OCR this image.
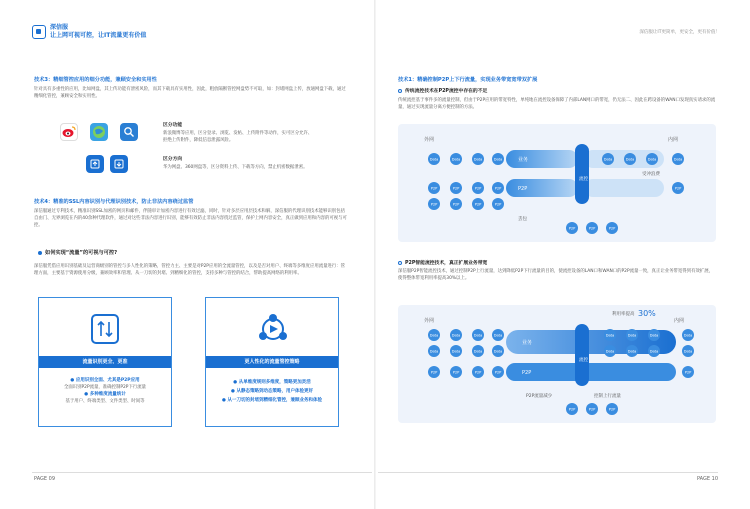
深信服
让上网可视可控，让IT流量更有价值	深信服让IT更简单，更安全，更有价值！
技术3：精细管控应用的细分功能，兼顾安全和实用性
针对具有多重性的应用，比如网盘，其上传功能有泄密风险，而其下载具有实用性，因此，粗放隔断管控网盘势不可取，如：封堵网盘上传，放通网盘下载，通过精细化管控，兼顾安全和实用性。
区分功能
新浪微博等应用，区分登录、浏览、发帖、上传附件等动作，实可区分允许、拒绝上传附件，降低信息泄露风险。
区分方向
华为网盘、360网盘等，区分资料上传、下载等方向，禁止机密数据泄密。
技术4：精准的SSL内容识别与代理识别技术，防止非法内容绕过监管
深信服通过专利技术，精准识别SSL加密的网页和邮件，伴随审计加密内容进行有效过滤，同时，针对多层应用层技术和解，深信服的代理识别技术能够识别包括自由门、无界浏览在内的40余种代理软件，通过对这些非法内容进行识别，能够有效防止非法内容绕过监管，保护上网内容安全，真正做到应用和内容的可视与可控。
如何实现“流量”的可视与可控?
深信服凭借应用识别基础及运营商级别的管控与多人性化的策略，管控力主、主要是对P2P应用的全流量管控，以及是否对用户、终端等多维度应用流量进行：管理方面，主要基于资源使用分级，兼顾效率和管理、从一刀切的封堵、到精细化的管控，支持多种与管控的结合，帮助提高网络的利用率。
流量识别更全、更准
● 应用识别全面、尤其是P2P应用
全面识别P2P流量，准确控制P2P下行流量
● 多种维度流量统计
基于用户、终端类型、文件类型、时间等
更人性化的流量管控策略
● 从单维度规则多维度，策略更加灵活
● 从静态策略到动态策略，用户体验更好
● 从一刀切的封堵到精细化管控，兼顾业务和体验
PAGE 09
技术1：精确控制P2P上下行流量，实现业务带宽宽带双扩展
传统流控技术在P2P流控中存在的不足
传统流控基于事件多的流量控制，但由于P2P应用的带宽特性，单纯地在流控设备保障了内部LAN网口的带宽，仍无法二、因此在跨设备的WAN口发现真实请求的流量，通过实现流量分离方便控制的方法。
外网	内网
业务
P2P
流控
Data	Data	Data	Data
P2P	P2P	P2P	P2P
P2P	P2P	P2P	P2P
Data	Data	Data	Data
P2P
P2P	P2P	P2P
丢包
受冲浪费
P2P智能流控技术，真正扩展业务带宽
深信服P2P智能流控技术，通过控制P2P上行流量，达到降低P2P下行流量的目的，使流控设备的LAN口和WAN口的P2P流量一致，真正让业务带宽得到有效扩展，使得整体带宽利用率提高30%以上。
外网	内网
利用率提高 30%
业务
P2P
流控
Data	Data	Data	Data
Data	Data	Data	Data
P2P	P2P	P2P	P2P
Data	Data	Data	Data
Data	Data	Data	Data
P2P
P2P	P2P	P2P
P2P流量减少	控制上行流量
PAGE 10
